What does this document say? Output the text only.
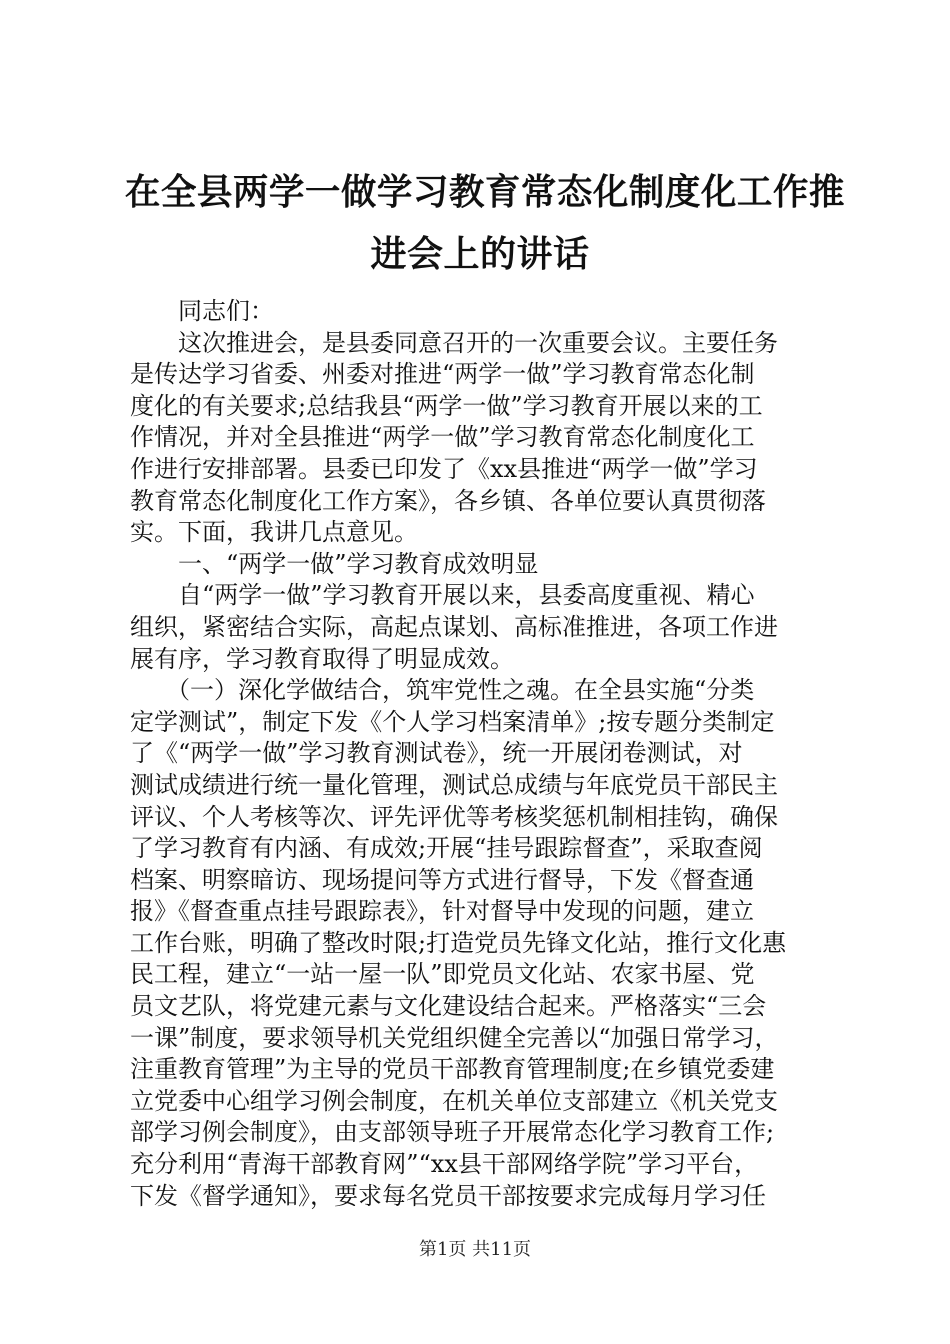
在全县两学一做学习教育常态化制度化工作推
进会上的讲话
　　同志们：
　　这次推进会，是县委同意召开的一次重要会议。主要任务
是传达学习省委、州委对推进“两学一做”学习教育常态化制
度化的有关要求;总结我县“两学一做”学习教育开展以来的工
作情况，并对全县推进“两学一做”学习教育常态化制度化工
作进行安排部署。县委已印发了《xx县推进“两学一做”学习
教育常态化制度化工作方案》，各乡镇、各单位要认真贯彻落
实。下面，我讲几点意见。
　　一、“两学一做”学习教育成效明显
　　自“两学一做”学习教育开展以来，县委高度重视、精心
组织，紧密结合实际，高起点谋划、高标准推进，各项工作进
展有序，学习教育取得了明显成效。
　　（一）深化学做结合，筑牢党性之魂。在全县实施“分类
定学测试”，制定下发《个人学习档案清单》;按专题分类制定
了《“两学一做”学习教育测试卷》，统一开展闭卷测试，对
测试成绩进行统一量化管理，测试总成绩与年底党员干部民主
评议、个人考核等次、评先评优等考核奖惩机制相挂钩，确保
了学习教育有内涵、有成效;开展“挂号跟踪督查”，采取查阅
档案、明察暗访、现场提问等方式进行督导，下发《督查通
报》《督查重点挂号跟踪表》，针对督导中发现的问题，建立
工作台账，明确了整改时限;打造党员先锋文化站，推行文化惠
民工程，建立“一站一屋一队”即党员文化站、农家书屋、党
员文艺队，将党建元素与文化建设结合起来。严格落实“三会
一课”制度，要求领导机关党组织健全完善以“加强日常学习，
注重教育管理”为主导的党员干部教育管理制度;在乡镇党委建
立党委中心组学习例会制度，在机关单位支部建立《机关党支
部学习例会制度》，由支部领导班子开展常态化学习教育工作;
充分利用“青海干部教育网”“xx县干部网络学院”学习平台，
下发《督学通知》，要求每名党员干部按要求完成每月学习任
第1页 共11页
